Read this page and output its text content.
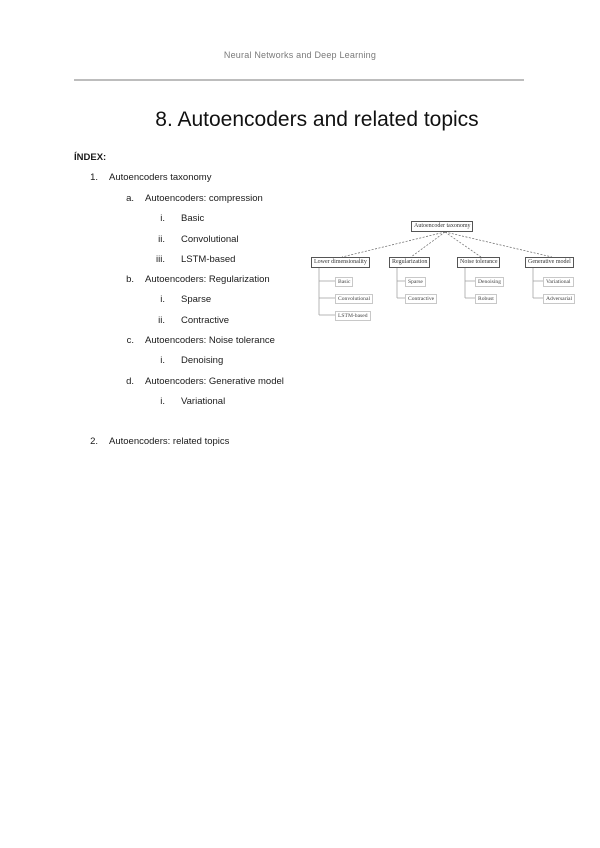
Neural Networks and Deep Learning
8. Autoencoders and related topics
ÍNDEX:
1. Autoencoders taxonomy
a. Autoencoders: compression
i. Basic
ii. Convolutional
iii. LSTM-based
b. Autoencoders: Regularization
i. Sparse
ii. Contractive
c. Autoencoders: Noise tolerance
i. Denoising
d. Autoencoders: Generative model
i. Variational
2. Autoencoders: related topics
Autoencoder taxonomy
Lower dimensionality	Regularization	Noise tolerance	Generative model
Basic
Convolutional
LSTM-based
Sparse
Contractive
Denoising
Robust
Variational
Adversarial
